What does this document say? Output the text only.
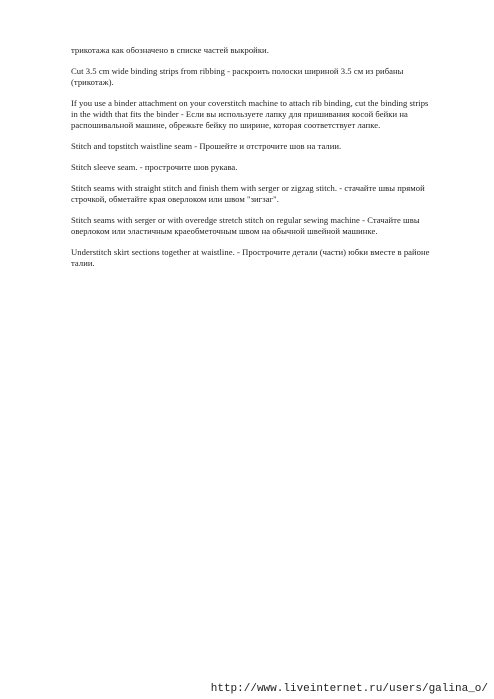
трикотажа как обозначено в списке частей выкройки.

Cut 3.5 cm wide binding strips from ribbing - раскроить полоски шириной 3.5 см из рибаны (трикотаж).

If you use a binder attachment on your coverstitch machine to attach rib binding, cut the binding strips in the width that fits the binder - Если вы используете лапку для пришивания косой бейки на распошивальной машине, обрежьте бейку по ширине, которая соответствует лапке.

Stitch and topstitch waistline seam - Прошейте и отстрочите шов на талии.

Stitch sleeve seam. - прострочите шов рукава.

Stitch seams with straight stitch and finish them with serger or zigzag stitch. - стачайте швы прямой строчкой, обметайте края оверлоком или швом "зигзаг".

Stitch seams with serger or with overedge stretch stitch on regular sewing machine - Стачайте швы оверлоком или эластичным краеобметочным швом на обычной швейной машинке.

Understitch skirt sections together at waistline. - Прострочите детали (части) юбки вместе в районе талии.

http://www.liveinternet.ru/users/galina_o/
